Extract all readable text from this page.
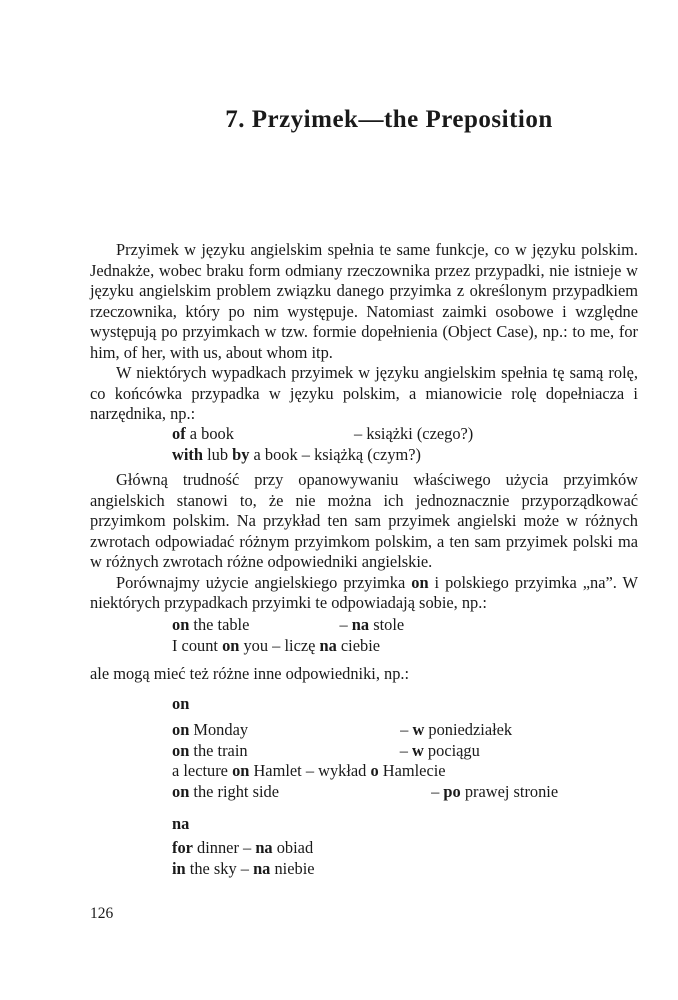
7. Przyimek—the Preposition

Przyimek w języku angielskim spełnia te same funkcje, co w języku polskim. Jednakże, wobec braku form odmiany rzeczownika przez przypadki, nie istnieje w języku angielskim problem związku danego przyimka z określonym przypadkiem rzeczownika, który po nim występuje. Natomiast zaimki osobowe i względne występują po przyimkach w tzw. formie dopełnienia (Object Case), np.: to me, for him, of her, with us, about whom itp.

W niektórych wypadkach przyimek w języku angielskim spełnia tę samą rolę, co końcówka przypadka w języku polskim, a mianowicie rolę dopełniacza i narzędnika, np.:

of a book	– książki (czego?)
with lub by a book – książką (czym?)

Główną trudność przy opanowywaniu właściwego użycia przyimków angielskich stanowi to, że nie można ich jednoznacznie przyporządkować przyimkom polskim. Na przykład ten sam przyimek angielski może w różnych zwrotach odpowiadać różnym przyimkom polskim, a ten sam przyimek polski ma w różnych zwrotach różne odpowiedniki angielskie.

Porównajmy użycie angielskiego przyimka on i polskiego przyimka „na”. W niektórych przypadkach przyimki te odpowiadają sobie, np.:

on the table	– na stole
I count on you – liczę na ciebie

ale mogą mieć też różne inne odpowiedniki, np.:

on
on Monday	– w poniedziałek
on the train	– w pociągu
a lecture on Hamlet – wykład o Hamlecie
on the right side	– po prawej stronie
na
for dinner – na obiad
in the sky – na niebie
126
